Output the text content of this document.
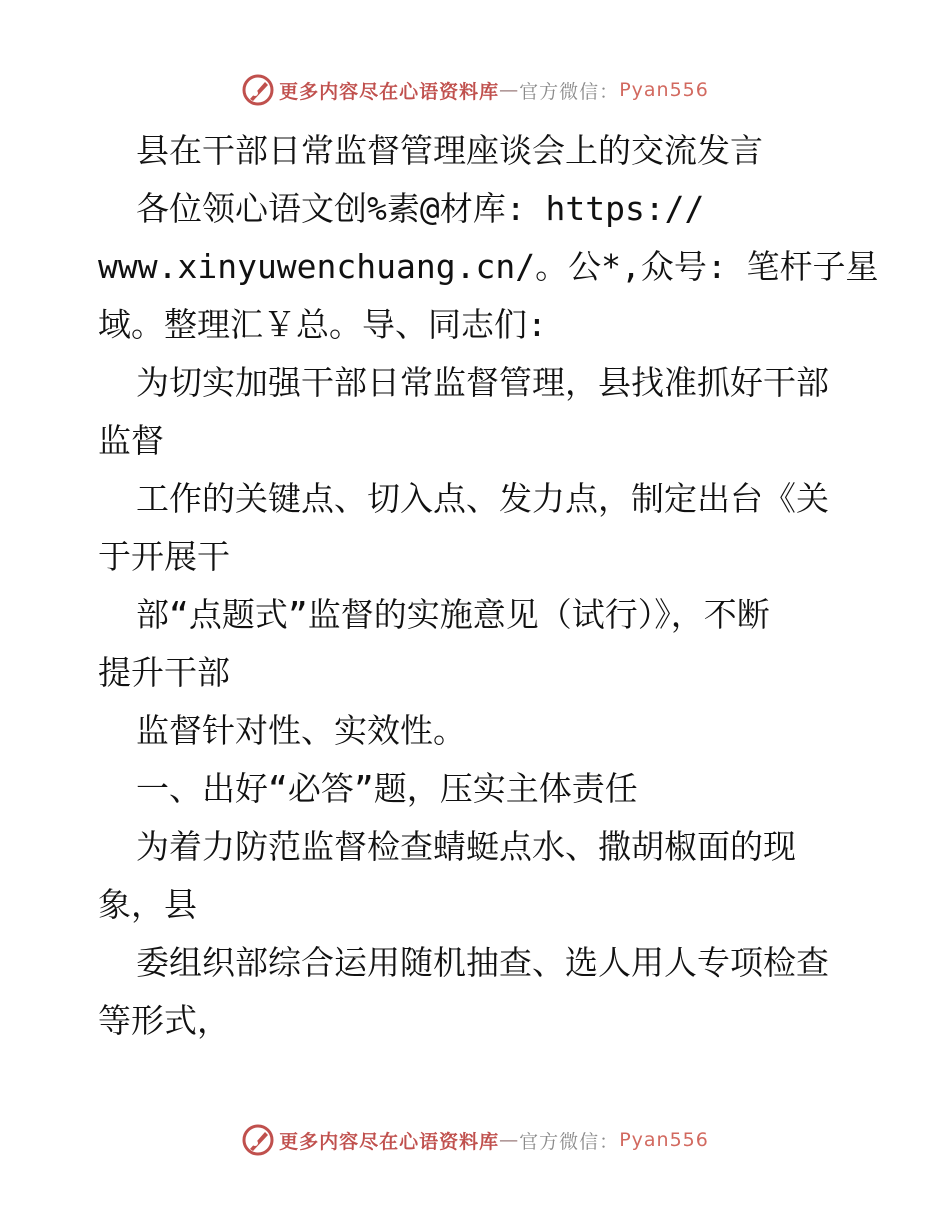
更多内容尽在心语资料库 — 官方微信： Pyan556
县在干部日常监督管理座谈会上的交流发言
各位领心语文创%素@材库: https://
www.xinyuwenchuang.cn/。公*,众号: 笔杆子星
域。整理汇￥总。导、同志们:
为切实加强干部日常监督管理，县找准抓好干部
监督
工作的关键点、切入点、发力点，制定出台《关
于开展干
部“点题式”监督的实施意见（试行）》，不断
提升干部
监督针对性、实效性。
一、出好“必答”题，压实主体责任
为着力防范监督检查蜻蜓点水、撒胡椒面的现
象，县
委组织部综合运用随机抽查、选人用人专项检查
等形式，
更多内容尽在心语资料库 — 官方微信： Pyan556
